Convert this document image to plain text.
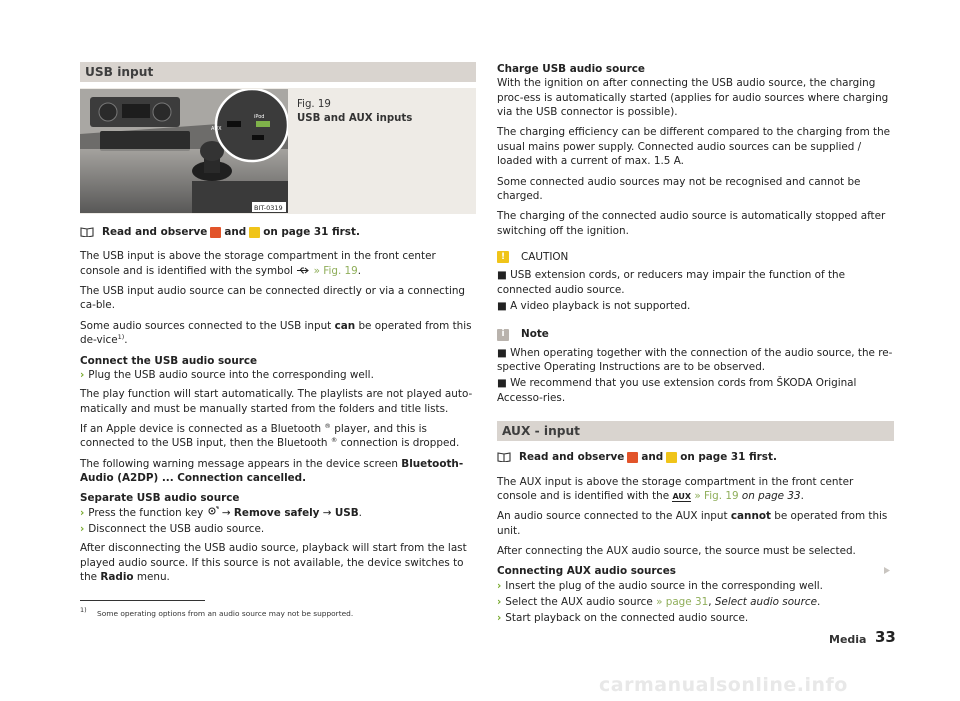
USB input
AUX
iPod
BIT-0319
Fig. 19
USB and AUX inputs
Read and observe and on page 31 first.

The USB input is above the storage compartment in the front center console and is identified with the symbol » Fig. 19.

The USB input audio source can be connected directly or via a connecting ca-ble.

Some audio sources connected to the USB input can be operated from this de-vice$^{1)}$.

Connect the USB audio source

› Plug the USB audio source into the corresponding well.

The play function will start automatically. The playlists are not played auto-matically and must be manually started from the folders and title lists.

If an Apple device is connected as a Bluetooth ® player, and this is connected to the USB input, then the Bluetooth ® connection is dropped.

The following warning message appears in the device screen Bluetooth-Audio (A2DP) ... Connection cancelled.

Separate USB audio source

› Press the function key → Remove safely → USB.

› Disconnect the USB audio source.

After disconnecting the USB audio source, playback will start from the last played audio source. If this source is not available, the device switches to the Radio menu.

Charge USB audio source

With the ignition on after connecting the USB audio source, the charging proc-ess is automatically started (applies for audio sources where charging via the USB connector is possible).

The charging efficiency can be different compared to the charging from the usual mains power supply. Connected audio sources can be supplied / loaded with a current of max. 1.5 A.

Some connected audio sources may not be recognised and cannot be charged.

The charging of the connected audio source is automatically stopped after switching off the ignition.

!	CAUTION

■ USB extension cords, or reducers may impair the function of the connected audio source.

■ A video playback is not supported.

i	Note

■ When operating together with the connection of the audio source, the re-spective Operating Instructions are to be observed.

■ We recommend that you use extension cords from ŠKODA Original Accesso-ries.

AUX - input
Read and observe and on page 31 first.

The AUX input is above the storage compartment in the front center console and is identified with the AUX » Fig. 19 on page 33.

An audio source connected to the AUX input cannot be operated from this unit.

After connecting the AUX audio source, the source must be selected.

Connecting AUX audio sources

› Insert the plug of the audio source in the corresponding well.

› Select the AUX audio source » page 31, Select audio source.

› Start playback on the connected audio source.

1) Some operating options from an audio source may not be supported.
Media 33
carmanualsonline.info
